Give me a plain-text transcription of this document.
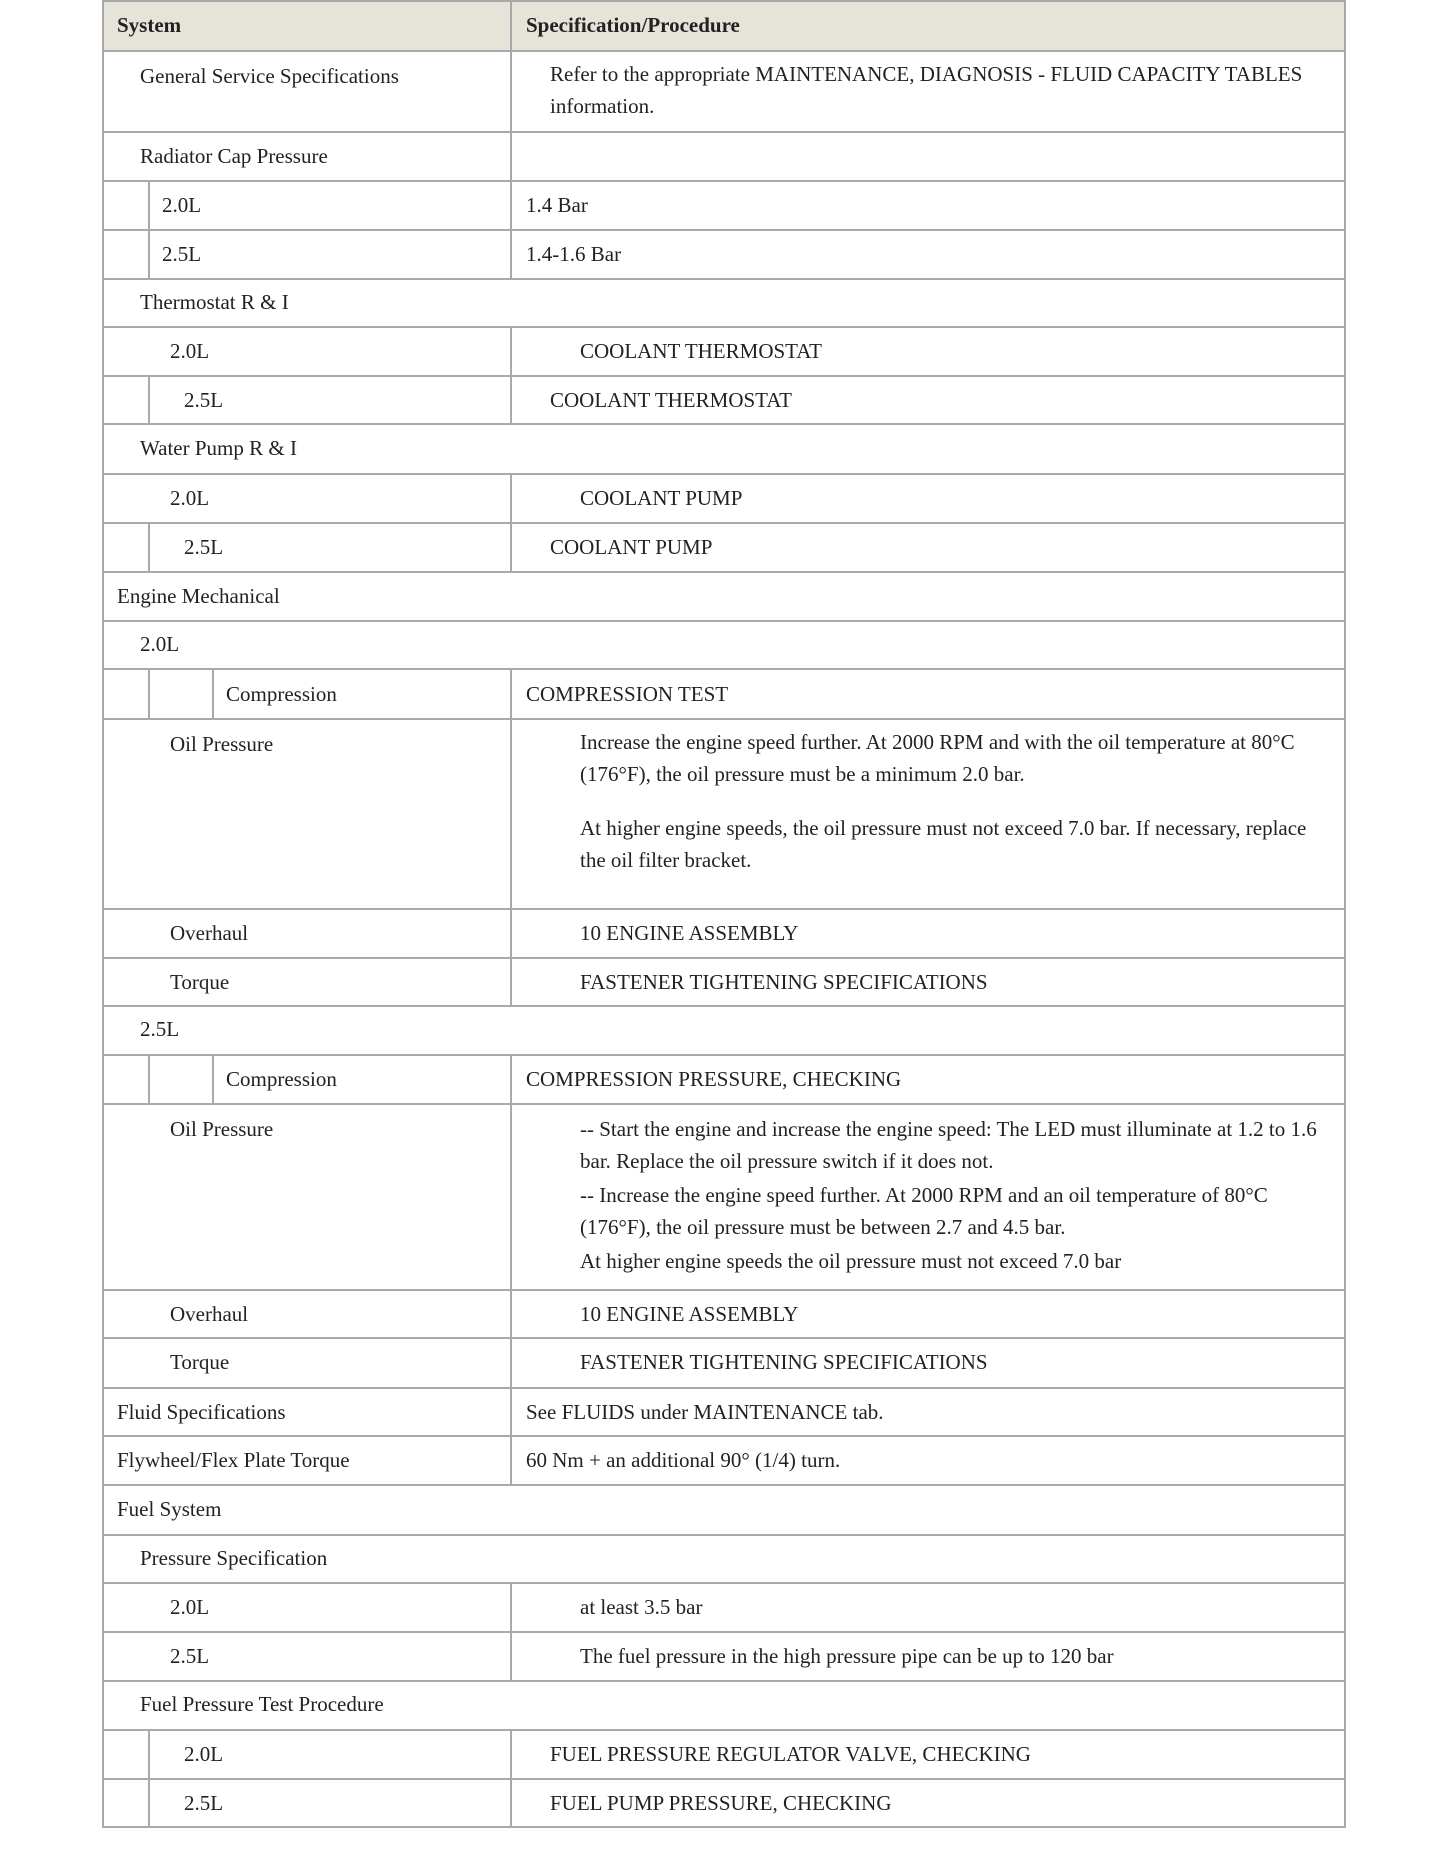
System	Specification/Procedure
General Service Specifications	Refer to the appropriate MAINTENANCE, DIAGNOSIS - FLUID CAPACITY TABLES information.
Radiator Cap Pressure
2.0L	1.4 Bar
2.5L	1.4-1.6 Bar
Thermostat R & I
2.0L	COOLANT THERMOSTAT
2.5L	COOLANT THERMOSTAT
Water Pump R & I
2.0L	COOLANT PUMP
2.5L	COOLANT PUMP
Engine Mechanical
2.0L
Compression	COMPRESSION TEST
Oil Pressure	Increase the engine speed further. At 2000 RPM and with the oil temperature at 80°C (176°F), the oil pressure must be a minimum 2.0 bar.
At higher engine speeds, the oil pressure must not exceed 7.0 bar. If necessary, replace the oil filter bracket.
Overhaul	10 ENGINE ASSEMBLY
Torque	FASTENER TIGHTENING SPECIFICATIONS
2.5L
Compression	COMPRESSION PRESSURE, CHECKING
Oil Pressure	-- Start the engine and increase the engine speed: The LED must illuminate at 1.2 to 1.6
bar. Replace the oil pressure switch if it does not.
-- Increase the engine speed further. At 2000 RPM and an oil temperature of 80°C
(176°F), the oil pressure must be between 2.7 and 4.5 bar.
At higher engine speeds the oil pressure must not exceed 7.0 bar
Overhaul	10 ENGINE ASSEMBLY
Torque	FASTENER TIGHTENING SPECIFICATIONS
Fluid Specifications	See FLUIDS under MAINTENANCE tab.
Flywheel/Flex Plate Torque	60 Nm + an additional 90° (1/4) turn.
Fuel System
Pressure Specification
2.0L	at least 3.5 bar
2.5L	The fuel pressure in the high pressure pipe can be up to 120 bar
Fuel Pressure Test Procedure
2.0L	FUEL PRESSURE REGULATOR VALVE, CHECKING
2.5L	FUEL PUMP PRESSURE, CHECKING
